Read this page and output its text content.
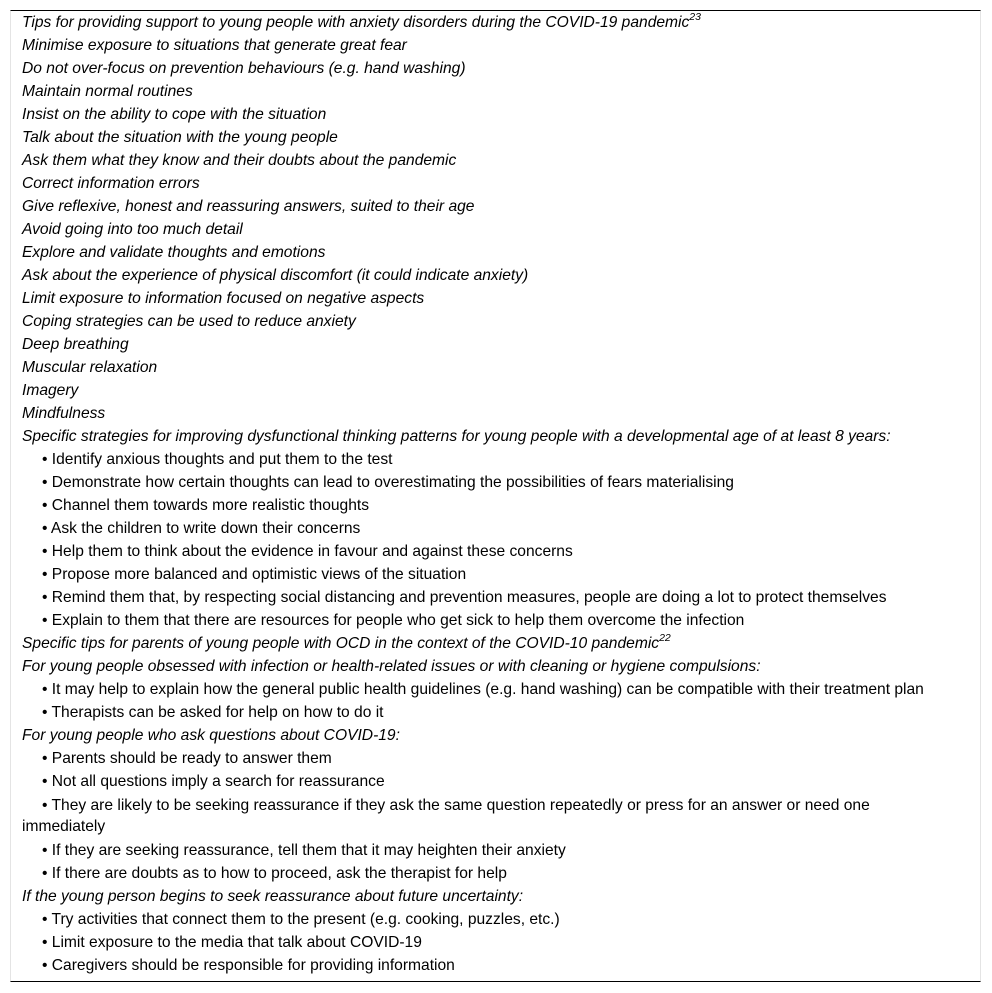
Tips for providing support to young people with anxiety disorders during the COVID-19 pandemic$^{23}$
Minimise exposure to situations that generate great fear
Do not over-focus on prevention behaviours (e.g. hand washing)
Maintain normal routines
Insist on the ability to cope with the situation
Talk about the situation with the young people
Ask them what they know and their doubts about the pandemic
Correct information errors
Give reflexive, honest and reassuring answers, suited to their age
Avoid going into too much detail
Explore and validate thoughts and emotions
Ask about the experience of physical discomfort (it could indicate anxiety)
Limit exposure to information focused on negative aspects
Coping strategies can be used to reduce anxiety
Deep breathing
Muscular relaxation
Imagery
Mindfulness
Specific strategies for improving dysfunctional thinking patterns for young people with a developmental age of at least 8 years:
• Identify anxious thoughts and put them to the test
• Demonstrate how certain thoughts can lead to overestimating the possibilities of fears materialising
• Channel them towards more realistic thoughts
• Ask the children to write down their concerns
• Help them to think about the evidence in favour and against these concerns
• Propose more balanced and optimistic views of the situation
• Remind them that, by respecting social distancing and prevention measures, people are doing a lot to protect themselves
• Explain to them that there are resources for people who get sick to help them overcome the infection
Specific tips for parents of young people with OCD in the context of the COVID-10 pandemic$^{22}$
For young people obsessed with infection or health-related issues or with cleaning or hygiene compulsions:
• It may help to explain how the general public health guidelines (e.g. hand washing) can be compatible with their treatment plan
• Therapists can be asked for help on how to do it
For young people who ask questions about COVID-19:
• Parents should be ready to answer them
• Not all questions imply a search for reassurance
• They are likely to be seeking reassurance if they ask the same question repeatedly or press for an answer or need one immediately
• If they are seeking reassurance, tell them that it may heighten their anxiety
• If there are doubts as to how to proceed, ask the therapist for help
If the young person begins to seek reassurance about future uncertainty:
• Try activities that connect them to the present (e.g. cooking, puzzles, etc.)
• Limit exposure to the media that talk about COVID-19
• Caregivers should be responsible for providing information
